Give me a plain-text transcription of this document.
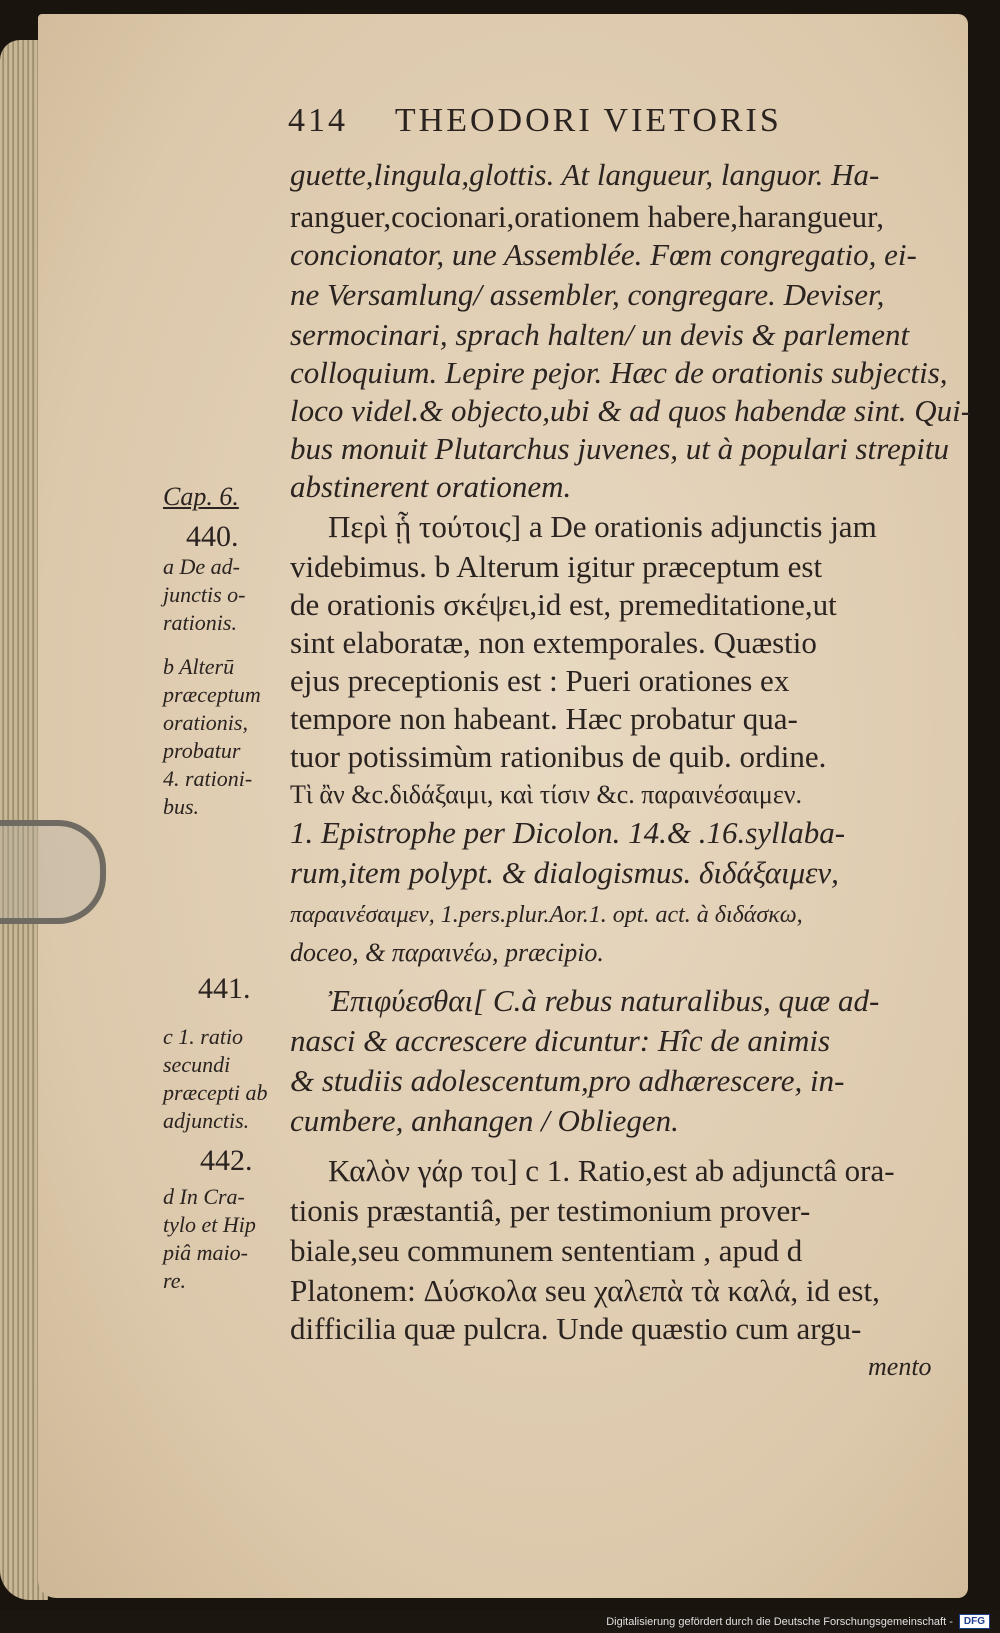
414 THEODORI VIETORIS
guette,lingula,glottis. At langueur, languor. Ha-
ranguer,cocionari,orationem habere,harangueur,
concionator, une Assemblée. Fœm congregatio, ei-
ne Versamlung/ assembler, congregare. Deviser,
sermocinari, sprach halten/ un devis & parlement
colloquium. Lepire pejor. Hæc de orationis subjectis,
loco videl.& objecto,ubi & ad quos habendæ sint. Qui-
bus monuit Plutarchus juvenes, ut à populari strepitu
abstinerent orationem.
Περὶ ᾗ τούτοις] a De orationis adjunctis jam
videbimus. b Alterum igitur præceptum est
de orationis σκέψει,id est, premeditatione,ut
sint elaboratæ, non extemporales. Quæstio
ejus preceptionis est : Pueri orationes ex
tempore non habeant. Hæc probatur qua-
tuor potissimùm rationibus de quib. ordine.
Τὶ ἂν &c.διδάξαιμι, καὶ τίσιν &c. παραινέσαιμεν.
1. Epistrophe per Dicolon. 14.& .16.syllaba-
rum,item polypt. & dialogismus. διδάξαιμεν,
παραινέσαιμεν, 1.pers.plur.Aor.1. opt. act. à διδάσκω,
doceo, & παραινέω, præcipio.
Ἐπιφύεσθαι[ C.à rebus naturalibus, quæ ad-
nasci & accrescere dicuntur: Hîc de animis
& studiis adolescentum,pro adhærescere, in-
cumbere, anhangen / Obliegen.
Καλὸν γάρ τοι] c 1. Ratio,est ab adjunctâ ora-
tionis præstantiâ, per testimonium prover-
biale,seu communem sententiam , apud d
Platonem: Δύσκολα seu χαλεπὰ τὰ καλά, id est,
difficilia quæ pulcra. Unde quæstio cum argu-
mento
Cap. 6.
440.
a De ad-
junctis o-
rationis.
b Alterū
præceptum
orationis,
probatur
4. rationi-
bus.
441.
c 1. ratio
secundi
præcepti ab
adjunctis.
442.
d In Cra-
tylo et Hip
piâ maio-
re.
Digitalisierung gefördert durch die Deutsche Forschungsgemeinschaft -	DFG
